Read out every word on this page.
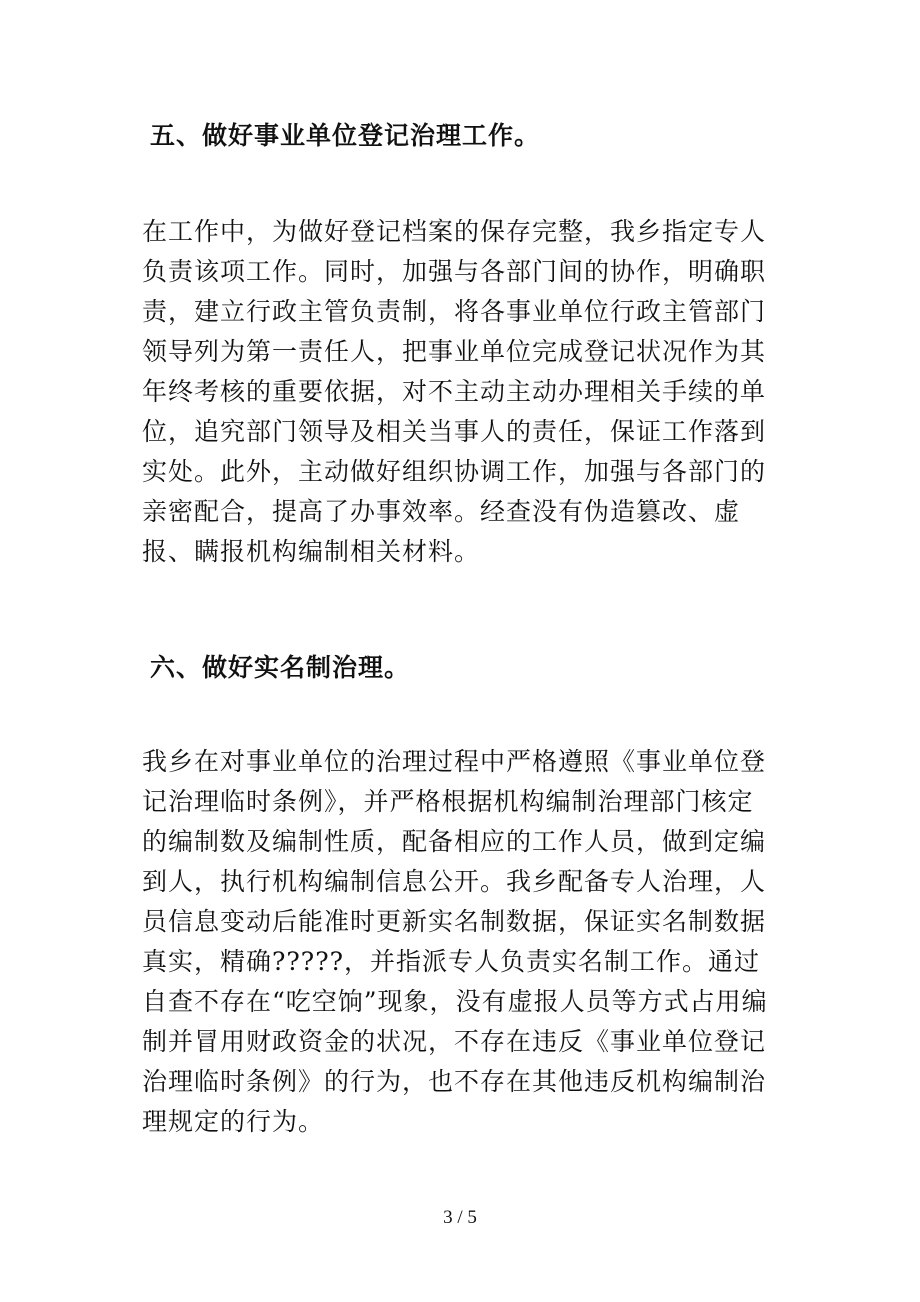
五、做好事业单位登记治理工作。

在工作中，为做好登记档案的保存完整，我乡指定专人负责该项工作。同时，加强与各部门间的协作，明确职责，建立行政主管负责制，将各事业单位行政主管部门领导列为第一责任人，把事业单位完成登记状况作为其年终考核的重要依据，对不主动主动办理相关手续的单位，追究部门领导及相关当事人的责任，保证工作落到实处。此外，主动做好组织协调工作，加强与各部门的亲密配合，提高了办事效率。经查没有伪造篡改、虚报、瞒报机构编制相关材料。

六、做好实名制治理。

我乡在对事业单位的治理过程中严格遵照《事业单位登记治理临时条例》，并严格根据机构编制治理部门核定的编制数及编制性质，配备相应的工作人员，做到定编到人，执行机构编制信息公开。我乡配备专人治理，人员信息变动后能准时更新实名制数据，保证实名制数据真实，精确?????，并指派专人负责实名制工作。通过自查不存在“吃空饷”现象，没有虚报人员等方式占用编制并冒用财政资金的状况，不存在违反《事业单位登记治理临时条例》的行为，也不存在其他违反机构编制治理规定的行为。

3 / 5
